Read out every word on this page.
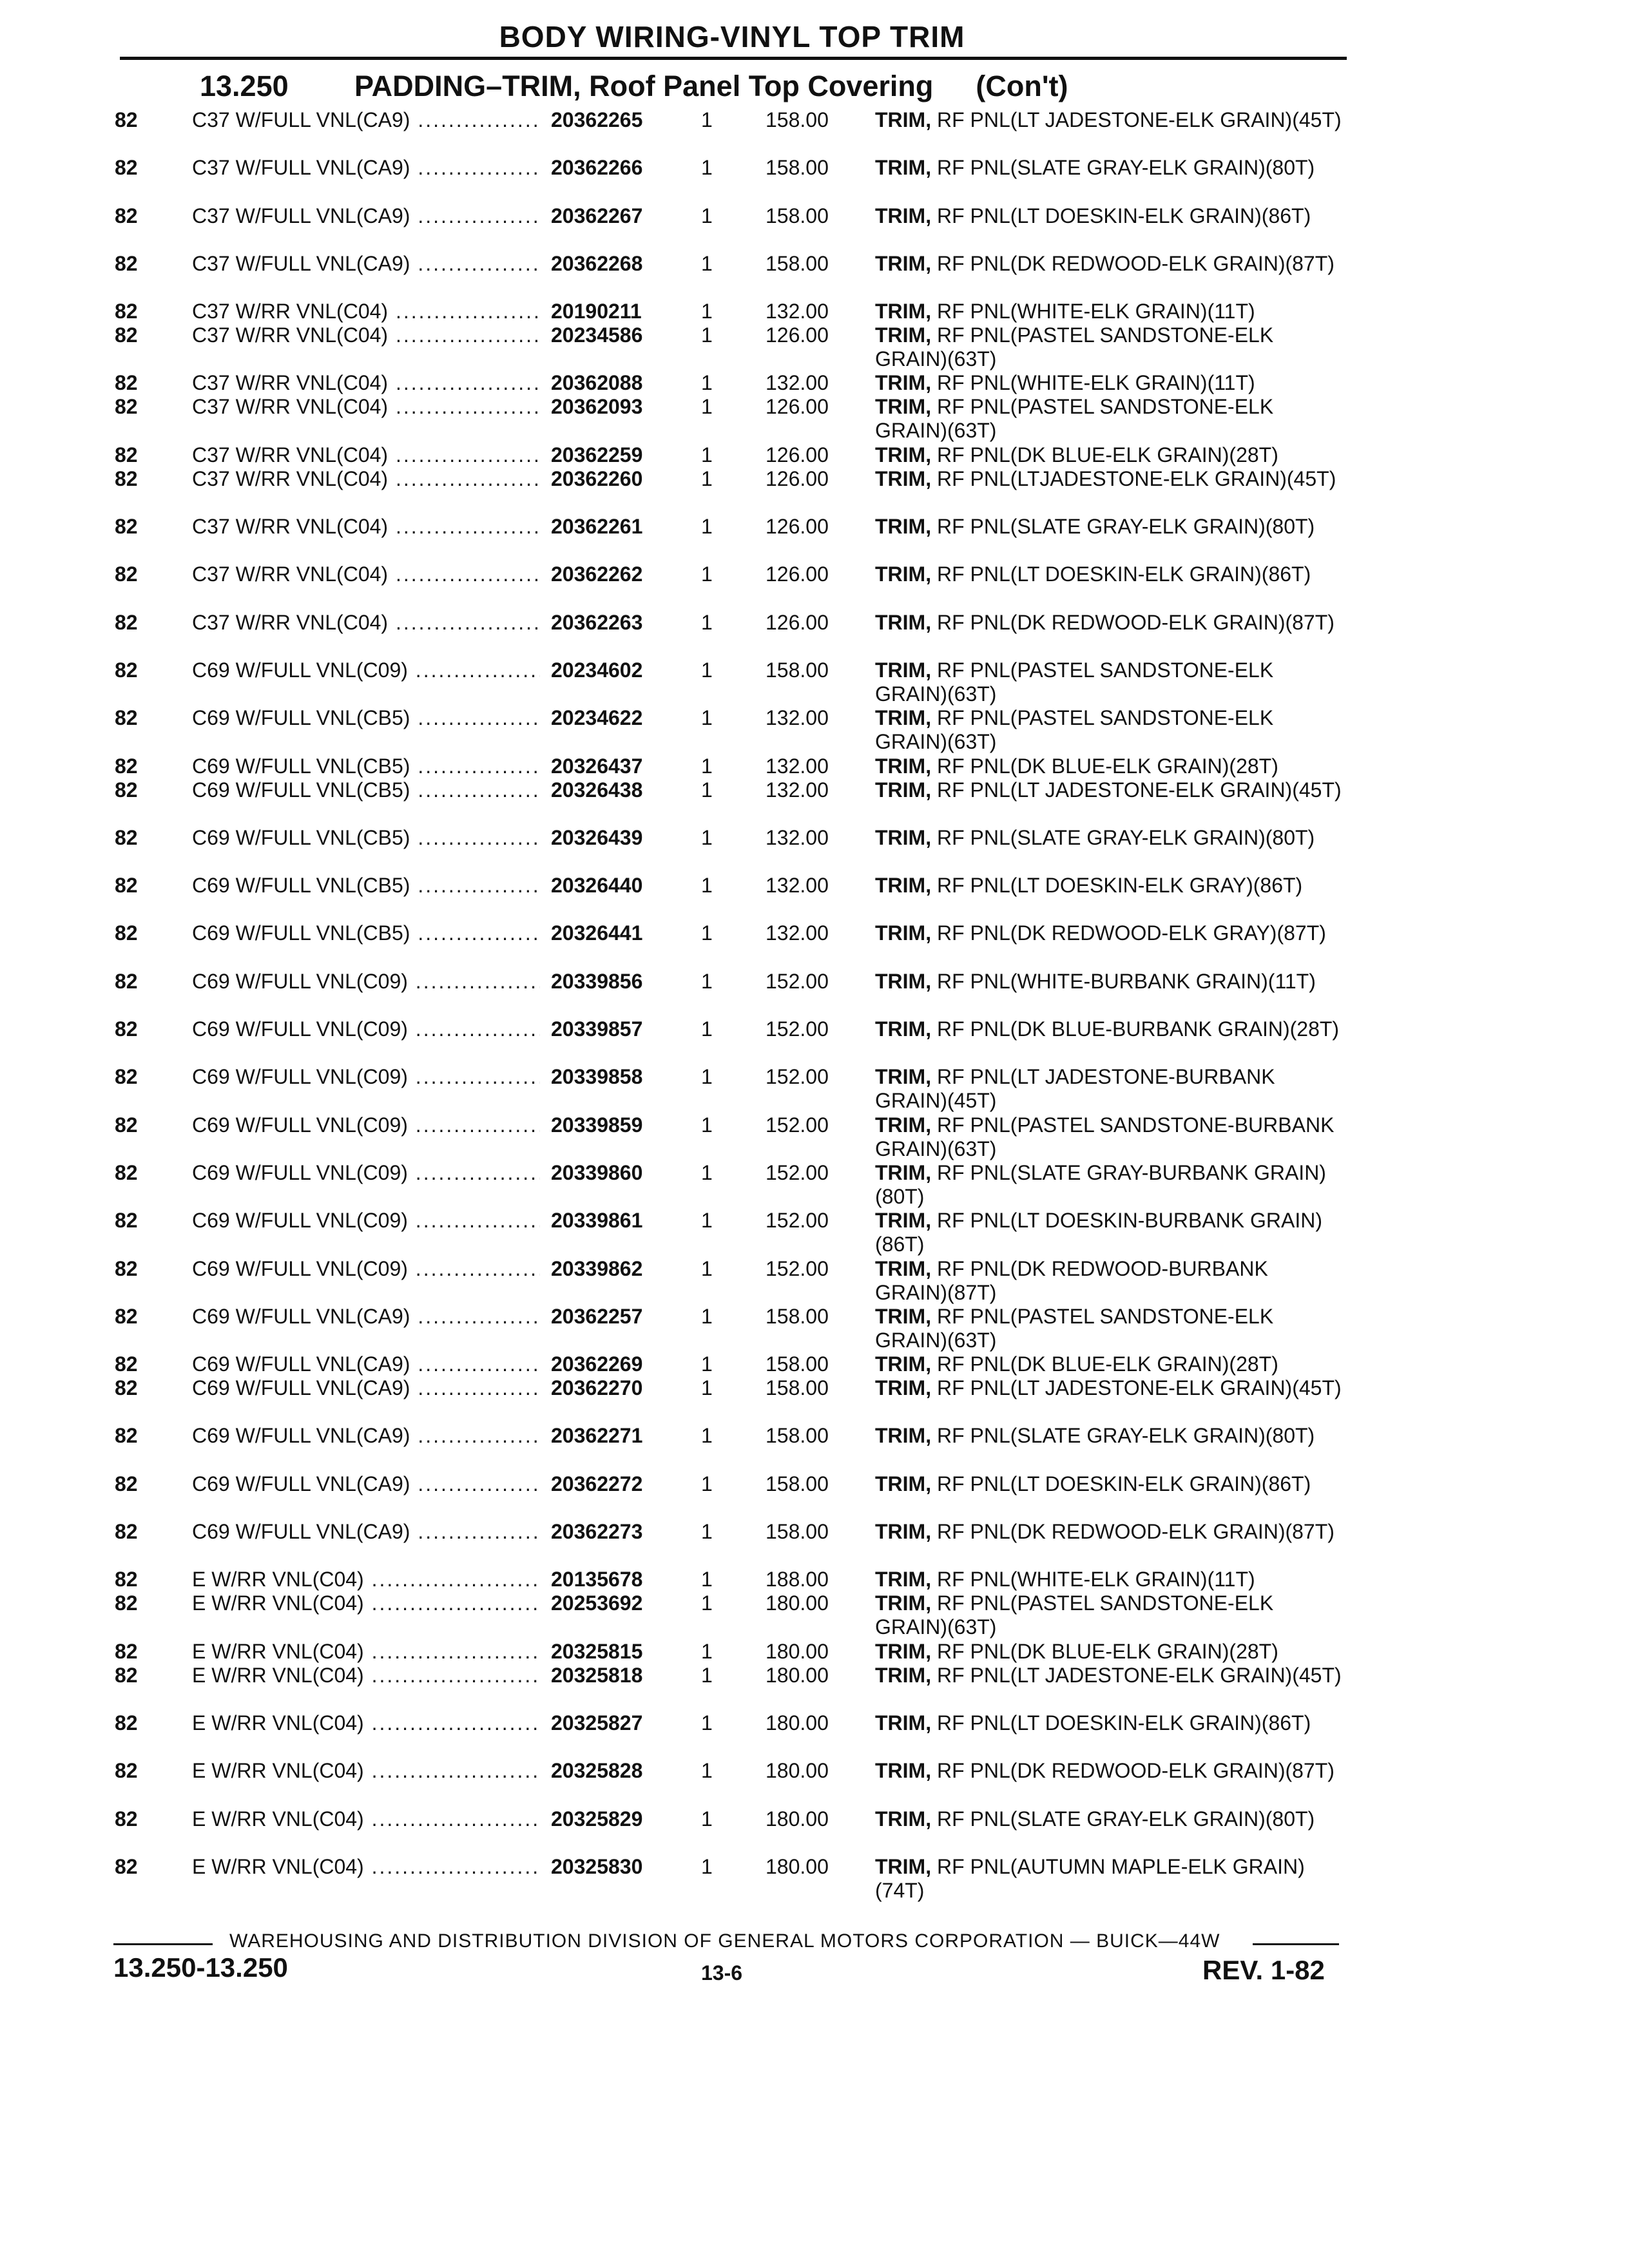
BODY WIRING-VINYL TOP TRIM
13.250 PADDING–TRIM, Roof Panel Top Covering (Con't)
82	C37 W/FULL VNL(CA9) .....	20362265	1	158.00 TRIM, RF PNL(LT JADESTONE-ELK GRAIN)(45T)
82	C37 W/FULL VNL(CA9) .....	20362266	1	158.00 TRIM, RF PNL(SLATE GRAY-ELK GRAIN)(80T)
82	C37 W/FULL VNL(CA9) .....	20362267	1	158.00 TRIM, RF PNL(LT DOESKIN-ELK GRAIN)(86T)
82	C37 W/FULL VNL(CA9) .....	20362268	1	158.00 TRIM, RF PNL(DK REDWOOD-ELK GRAIN)(87T)
82	C37 W/RR VNL(C04) .....	20190211	1	132.00 TRIM, RF PNL(WHITE-ELK GRAIN)(11T)
82	C37 W/RR VNL(C04) .....	20234586	1	126.00 TRIM, RF PNL(PASTEL SANDSTONE-ELK GRAIN)(63T)
82	C37 W/RR VNL(C04) .....	20362088	1	132.00 TRIM, RF PNL(WHITE-ELK GRAIN)(11T)
82	C37 W/RR VNL(C04) .....	20362093	1	126.00 TRIM, RF PNL(PASTEL SANDSTONE-ELK GRAIN)(63T)
82	C37 W/RR VNL(C04) .....	20362259	1	126.00 TRIM, RF PNL(DK BLUE-ELK GRAIN)(28T)
82	C37 W/RR VNL(C04) .....	20362260	1	126.00 TRIM, RF PNL(LTJADESTONE-ELK GRAIN)(45T)
82	C37 W/RR VNL(C04) .....	20362261	1	126.00 TRIM, RF PNL(SLATE GRAY-ELK GRAIN)(80T)
82	C37 W/RR VNL(C04) .....	20362262	1	126.00 TRIM, RF PNL(LT DOESKIN-ELK GRAIN)(86T)
82	C37 W/RR VNL(C04) .....	20362263	1	126.00 TRIM, RF PNL(DK REDWOOD-ELK GRAIN)(87T)
82	C69 W/FULL VNL(C09) .....	20234602	1	158.00 TRIM, RF PNL(PASTEL SANDSTONE-ELK GRAIN)(63T)
82	C69 W/FULL VNL(CB5) .....	20234622	1	132.00 TRIM, RF PNL(PASTEL SANDSTONE-ELK GRAIN)(63T)
82	C69 W/FULL VNL(CB5) .....	20326437	1	132.00 TRIM, RF PNL(DK BLUE-ELK GRAIN)(28T)
82	C69 W/FULL VNL(CB5) .....	20326438	1	132.00 TRIM, RF PNL(LT JADESTONE-ELK GRAIN)(45T)
82	C69 W/FULL VNL(CB5) .....	20326439	1	132.00 TRIM, RF PNL(SLATE GRAY-ELK GRAIN)(80T)
82	C69 W/FULL VNL(CB5) .....	20326440	1	132.00 TRIM, RF PNL(LT DOESKIN-ELK GRAY)(86T)
82	C69 W/FULL VNL(CB5) .....	20326441	1	132.00 TRIM, RF PNL(DK REDWOOD-ELK GRAY)(87T)
82	C69 W/FULL VNL(C09) .....	20339856	1	152.00 TRIM, RF PNL(WHITE-BURBANK GRAIN)(11T)
82	C69 W/FULL VNL(C09) .....	20339857	1	152.00 TRIM, RF PNL(DK BLUE-BURBANK GRAIN)(28T)
82	C69 W/FULL VNL(C09) .....	20339858	1	152.00 TRIM, RF PNL(LT JADESTONE-BURBANK GRAIN)(45T)
82	C69 W/FULL VNL(C09) .....	20339859	1	152.00 TRIM, RF PNL(PASTEL SANDSTONE-BURBANK GRAIN)(63T)
82	C69 W/FULL VNL(C09) .....	20339860	1	152.00 TRIM, RF PNL(SLATE GRAY-BURBANK GRAIN)(80T)
82	C69 W/FULL VNL(C09) .....	20339861	1	152.00 TRIM, RF PNL(LT DOESKIN-BURBANK GRAIN)(86T)
82	C69 W/FULL VNL(C09) .....	20339862	1	152.00 TRIM, RF PNL(DK REDWOOD-BURBANK GRAIN)(87T)
82	C69 W/FULL VNL(CA9) .....	20362257	1	158.00 TRIM, RF PNL(PASTEL SANDSTONE-ELK GRAIN)(63T)
82	C69 W/FULL VNL(CA9) .....	20362269	1	158.00 TRIM, RF PNL(DK BLUE-ELK GRAIN)(28T)
82	C69 W/FULL VNL(CA9) .....	20362270	1	158.00 TRIM, RF PNL(LT JADESTONE-ELK GRAIN)(45T)
82	C69 W/FULL VNL(CA9) .....	20362271	1	158.00 TRIM, RF PNL(SLATE GRAY-ELK GRAIN)(80T)
82	C69 W/FULL VNL(CA9) .....	20362272	1	158.00 TRIM, RF PNL(LT DOESKIN-ELK GRAIN)(86T)
82	C69 W/FULL VNL(CA9) .....	20362273	1	158.00 TRIM, RF PNL(DK REDWOOD-ELK GRAIN)(87T)
82	E W/RR VNL(C04) .....	20135678	1	188.00 TRIM, RF PNL(WHITE-ELK GRAIN)(11T)
82	E W/RR VNL(C04) .....	20253692	1	180.00 TRIM, RF PNL(PASTEL SANDSTONE-ELK GRAIN)(63T)
82	E W/RR VNL(C04) .....	20325815	1	180.00 TRIM, RF PNL(DK BLUE-ELK GRAIN)(28T)
82	E W/RR VNL(C04) .....	20325818	1	180.00 TRIM, RF PNL(LT JADESTONE-ELK GRAIN)(45T)
82	E W/RR VNL(C04) .....	20325827	1	180.00 TRIM, RF PNL(LT DOESKIN-ELK GRAIN)(86T)
82	E W/RR VNL(C04) .....	20325828	1	180.00 TRIM, RF PNL(DK REDWOOD-ELK GRAIN)(87T)
82	E W/RR VNL(C04) .....	20325829	1	180.00 TRIM, RF PNL(SLATE GRAY-ELK GRAIN)(80T)
82	E W/RR VNL(C04) .....	20325830	1	180.00 TRIM, RF PNL(AUTUMN MAPLE-ELK GRAIN)(74T)
WAREHOUSING AND DISTRIBUTION DIVISION OF GENERAL MOTORS CORPORATION — BUICK—44W
13.250-13.250	13-6	REV. 1-82
